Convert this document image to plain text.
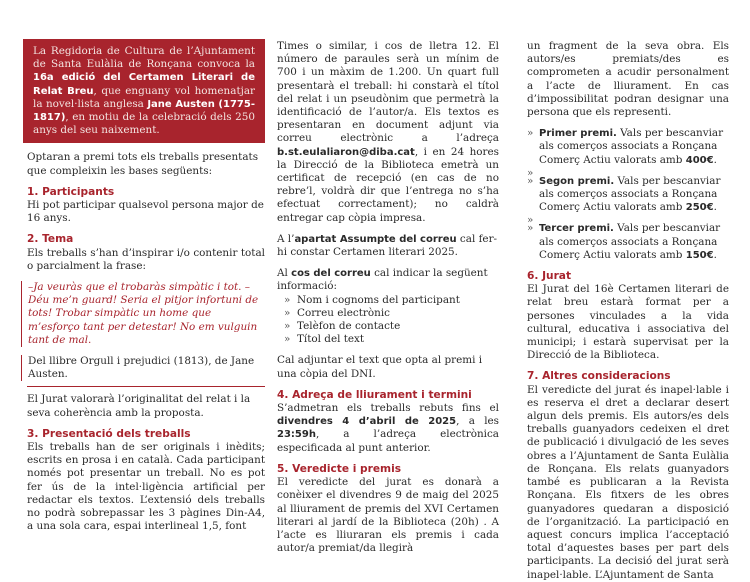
La Regidoria de Cultura de l’Ajuntament de Santa Eulàlia de Ronçana convoca la 16a edició del Certamen Literari de Relat Breu, que enguany vol homenatjar la novel·lista anglesa Jane Austen (1775-1817), en motiu de la celebració dels 250 anys del seu naixement.

Optaran a premi tots els treballs presentats que compleixin les bases següents:

1. Participants

Hi pot participar qualsevol persona major de 16 anys.

2. Tema

Els treballs s’han d’inspirar i/o contenir total o parcialment la frase:

–Ja veuràs que el trobaràs simpàtic i tot. –Déu me’n guard! Seria el pitjor infortuni de tots! Trobar simpàtic un home que m’esforço tant per detestar! No em vulguin tant de mal.

Del llibre Orgull i prejudici (1813), de Jane Austen.

El Jurat valorarà l’originalitat del relat i la seva coherència amb la proposta.

3. Presentació dels treballs

Els treballs han de ser originals i inèdits; escrits en prosa i en català. Cada participant només pot presentar un treball. No es pot fer ús de la intel·ligència artificial per redactar els textos. L’extensió dels treballs no podrà sobrepassar les 3 pàgines Din-A4, a una sola cara, espai interlineal 1,5, font

Times o similar, i cos de lletra 12. El número de paraules serà un mínim de 700 i un màxim de 1.200. Un quart full presentarà el treball: hi constarà el títol del relat i un pseudònim que permetrà la identificació de l’autor/a. Els textos es presentaran en document adjunt via correu electrònic a l’adreça b.st.eulaliaron@diba.cat, i en 24 hores la Direcció de la Biblioteca emetrà un certificat de recepció (en cas de no rebre’l, voldrà dir que l’entrega no s’ha efectuat correctament); no caldrà entregar cap còpia impresa.

A l’apartat Assumpte del correu cal fer-hi constar Certamen literari 2025.

Al cos del correu cal indicar la següent informació:

» Nom i cognoms del participant
» Correu electrònic
» Telèfon de contacte
» Títol del text

Cal adjuntar el text que opta al premi i una còpia del DNI.

4. Adreça de lliurament i termini

S’admetran els treballs rebuts fins el divendres 4 d’abril de 2025, a les 23:59h, a l’adreça electrònica especificada al punt anterior.

5. Veredicte i premis

El veredicte del jurat es donarà a conèixer el divendres 9 de maig del 2025 al lliurament de premis del XVI Certamen literari al jardí de la Biblioteca (20h) . A l’acte es lliuraran els premis i cada autor/a premiat/da llegirà

un fragment de la seva obra. Els autors/es premiats/des es comprometen a acudir personalment a l’acte de lliurament. En cas d’impossibilitat podran designar una persona que els representi.

» Primer premi. Vals per bescanviar als comerços associats a Ronçana Comerç Actiu valorats amb 400€.
»
» Segon premi. Vals per bescanviar als comerços associats a Ronçana Comerç Actiu valorats amb 250€.
»
» Tercer premi. Vals per bescanviar als comerços associats a Ronçana Comerç Actiu valorats amb 150€.

6. Jurat

El Jurat del 16è Certamen literari de relat breu estarà format per a persones vinculades a la vida cultural, educativa i associativa del municipi; i estarà supervisat per la Direcció de la Biblioteca.

7. Altres consideracions

El veredicte del jurat és inapel·lable i es reserva el dret a declarar desert algun dels premis. Els autors/es dels treballs guanyadors cedeixen el dret de publicació i divulgació de les seves obres a l’Ajuntament de Santa Eulàlia de Ronçana. Els relats guanyadors també es publicaran a la Revista Ronçana. Els fitxers de les obres guanyadores quedaran a disposició de l’organització. La participació en aquest concurs implica l’acceptació total d’aquestes bases per part dels participants. La decisió del jurat serà inapel·lable. L’Ajuntament de Santa
